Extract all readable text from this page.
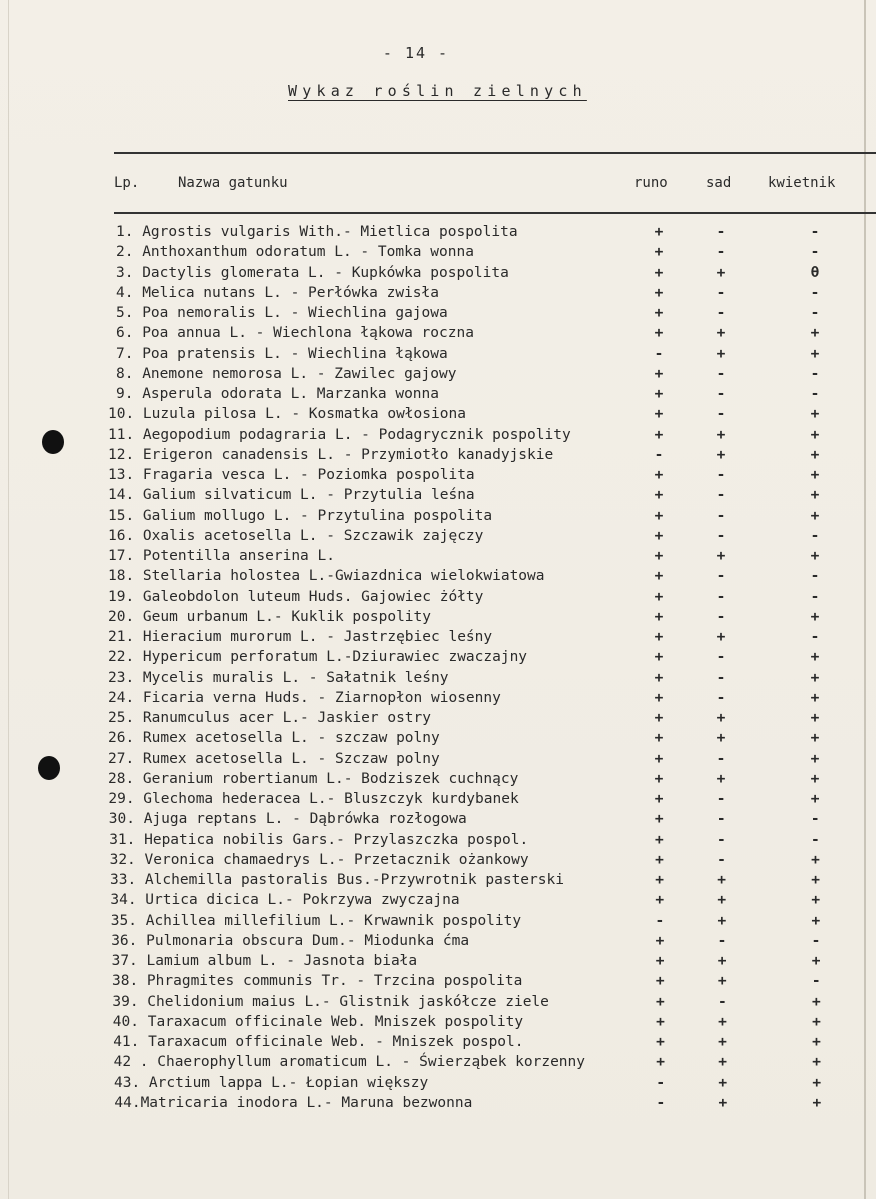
- 14 -
Wykaz roślin zielnych
Lp.	Nazwa gatunku	runo	sad	kwietnik
1. Agrostis vulgaris With.- Mietlica pospolita	+	-	-
2. Anthoxanthum odoratum L. - Tomka wonna	+	-	-
3. Dactylis glomerata L. - Kupkówka pospolita	+	+	θ
4. Melica nutans L. - Perłówka zwisła	+	-	-
5. Poa nemoralis L. - Wiechlina gajowa	+	-	-
6. Poa annua L. - Wiechlona łąkowa roczna	+	+	+
7. Poa pratensis L. - Wiechlina łąkowa	-	+	+
8. Anemone nemorosa L. - Zawilec gajowy	+	-	-
9. Asperula odorata L. Marzanka wonna	+	-	-
10. Luzula pilosa L. - Kosmatka owłosiona	+	-	+
11. Aegopodium podagraria L. - Podagrycznik pospolity	+	+	+
12. Erigeron canadensis L. - Przymiotło kanadyjskie	-	+	+
13. Fragaria vesca L. - Poziomka pospolita	+	-	+
14. Galium silvaticum L. - Przytulia leśna	+	-	+
15. Galium mollugo L. - Przytulina pospolita	+	-	+
16. Oxalis acetosella L. - Szczawik zajęczy	+	-	-
17. Potentilla anserina L.	+	+	+
18. Stellaria holostea L.-Gwiazdnica wielokwiatowa	+	-	-
19. Galeobdolon luteum Huds. Gajowiec żółty	+	-	-
20. Geum urbanum L.- Kuklik pospolity	+	-	+
21. Hieracium murorum L. - Jastrzębiec leśny	+	+	-
22. Hypericum perforatum L.-Dziurawiec zwaczajny	+	-	+
23. Mycelis muralis L. - Sałatnik leśny	+	-	+
24. Ficaria verna Huds. - Ziarnopłon wiosenny	+	-	+
25. Ranumculus acer L.- Jaskier ostry	+	+	+
26. Rumex acetosella L. - szczaw polny	+	+	+
27. Rumex acetosella L. - Szczaw polny	+	-	+
28. Geranium robertianum L.- Bodziszek cuchnący	+	+	+
29. Glechoma hederacea L.- Bluszczyk kurdybanek	+	-	+
30. Ajuga reptans L. - Dąbrówka rozłogowa	+	-	-
31. Hepatica nobilis Gars.- Przylaszczka pospol.	+	-	-
32. Veronica chamaedrys L.- Przetacznik ożankowy	+	-	+
33. Alchemilla pastoralis Bus.-Przywrotnik pasterski	+	+	+
34. Urtica dicica L.- Pokrzywa zwyczajna	+	+	+
35. Achillea millefilium L.- Krwawnik pospolity	-	+	+
36. Pulmonaria obscura Dum.- Miodunka ćma	+	-	-
37. Lamium album L. - Jasnota biała	+	+	+
38. Phragmites communis Tr. - Trzcina pospolita	+	+	-
39. Chelidonium maius L.- Glistnik jaskółcze ziele	+	-	+
40. Taraxacum officinale Web. Mniszek pospolity	+	+	+
41. Taraxacum officinale Web. - Mniszek pospol.	+	+	+
42 . Chaerophyllum aromaticum L. - Świerząbek korzenny	+	+	+
43. Arctium lappa L.- Łopian większy	-	+	+
44.Matricaria inodora L.- Maruna bezwonna	-	+	+
